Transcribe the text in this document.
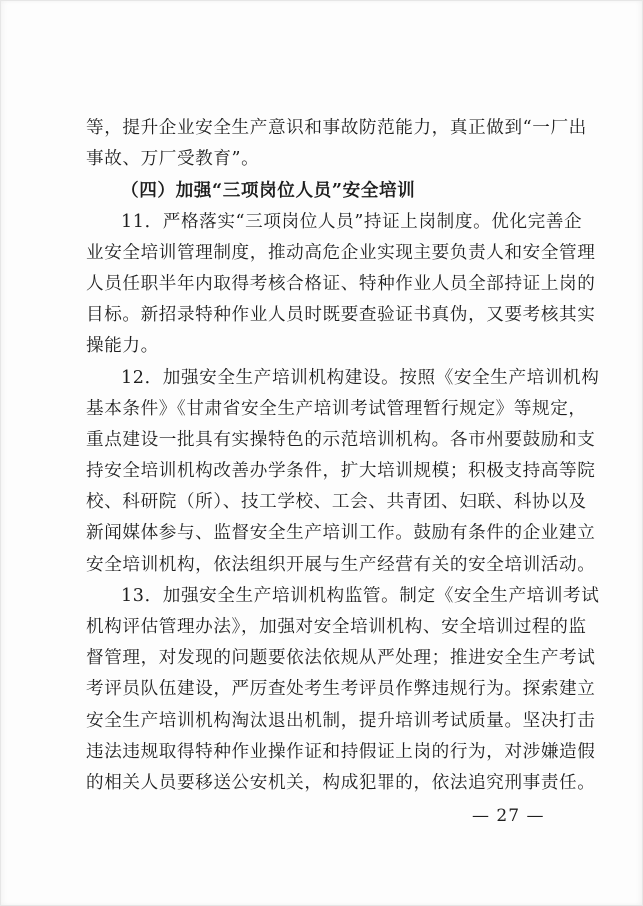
等，提升企业安全生产意识和事故防范能力，真正做到“一厂出
事故、万厂受教育”。
（四）加强“三项岗位人员”安全培训
11．严格落实“三项岗位人员”持证上岗制度。优化完善企
业安全培训管理制度，推动高危企业实现主要负责人和安全管理
人员任职半年内取得考核合格证、特种作业人员全部持证上岗的
目标。新招录特种作业人员时既要查验证书真伪，又要考核其实
操能力。
12．加强安全生产培训机构建设。按照《安全生产培训机构
基本条件》《甘肃省安全生产培训考试管理暂行规定》等规定，
重点建设一批具有实操特色的示范培训机构。各市州要鼓励和支
持安全培训机构改善办学条件，扩大培训规模；积极支持高等院
校、科研院（所）、技工学校、工会、共青团、妇联、科协以及
新闻媒体参与、监督安全生产培训工作。鼓励有条件的企业建立
安全培训机构，依法组织开展与生产经营有关的安全培训活动。
13．加强安全生产培训机构监管。制定《安全生产培训考试
机构评估管理办法》，加强对安全培训机构、安全培训过程的监
督管理，对发现的问题要依法依规从严处理；推进安全生产考试
考评员队伍建设，严厉查处考生考评员作弊违规行为。探索建立
安全生产培训机构淘汰退出机制，提升培训考试质量。坚决打击
违法违规取得特种作业操作证和持假证上岗的行为，对涉嫌造假
的相关人员要移送公安机关，构成犯罪的，依法追究刑事责任。
— 27 —
